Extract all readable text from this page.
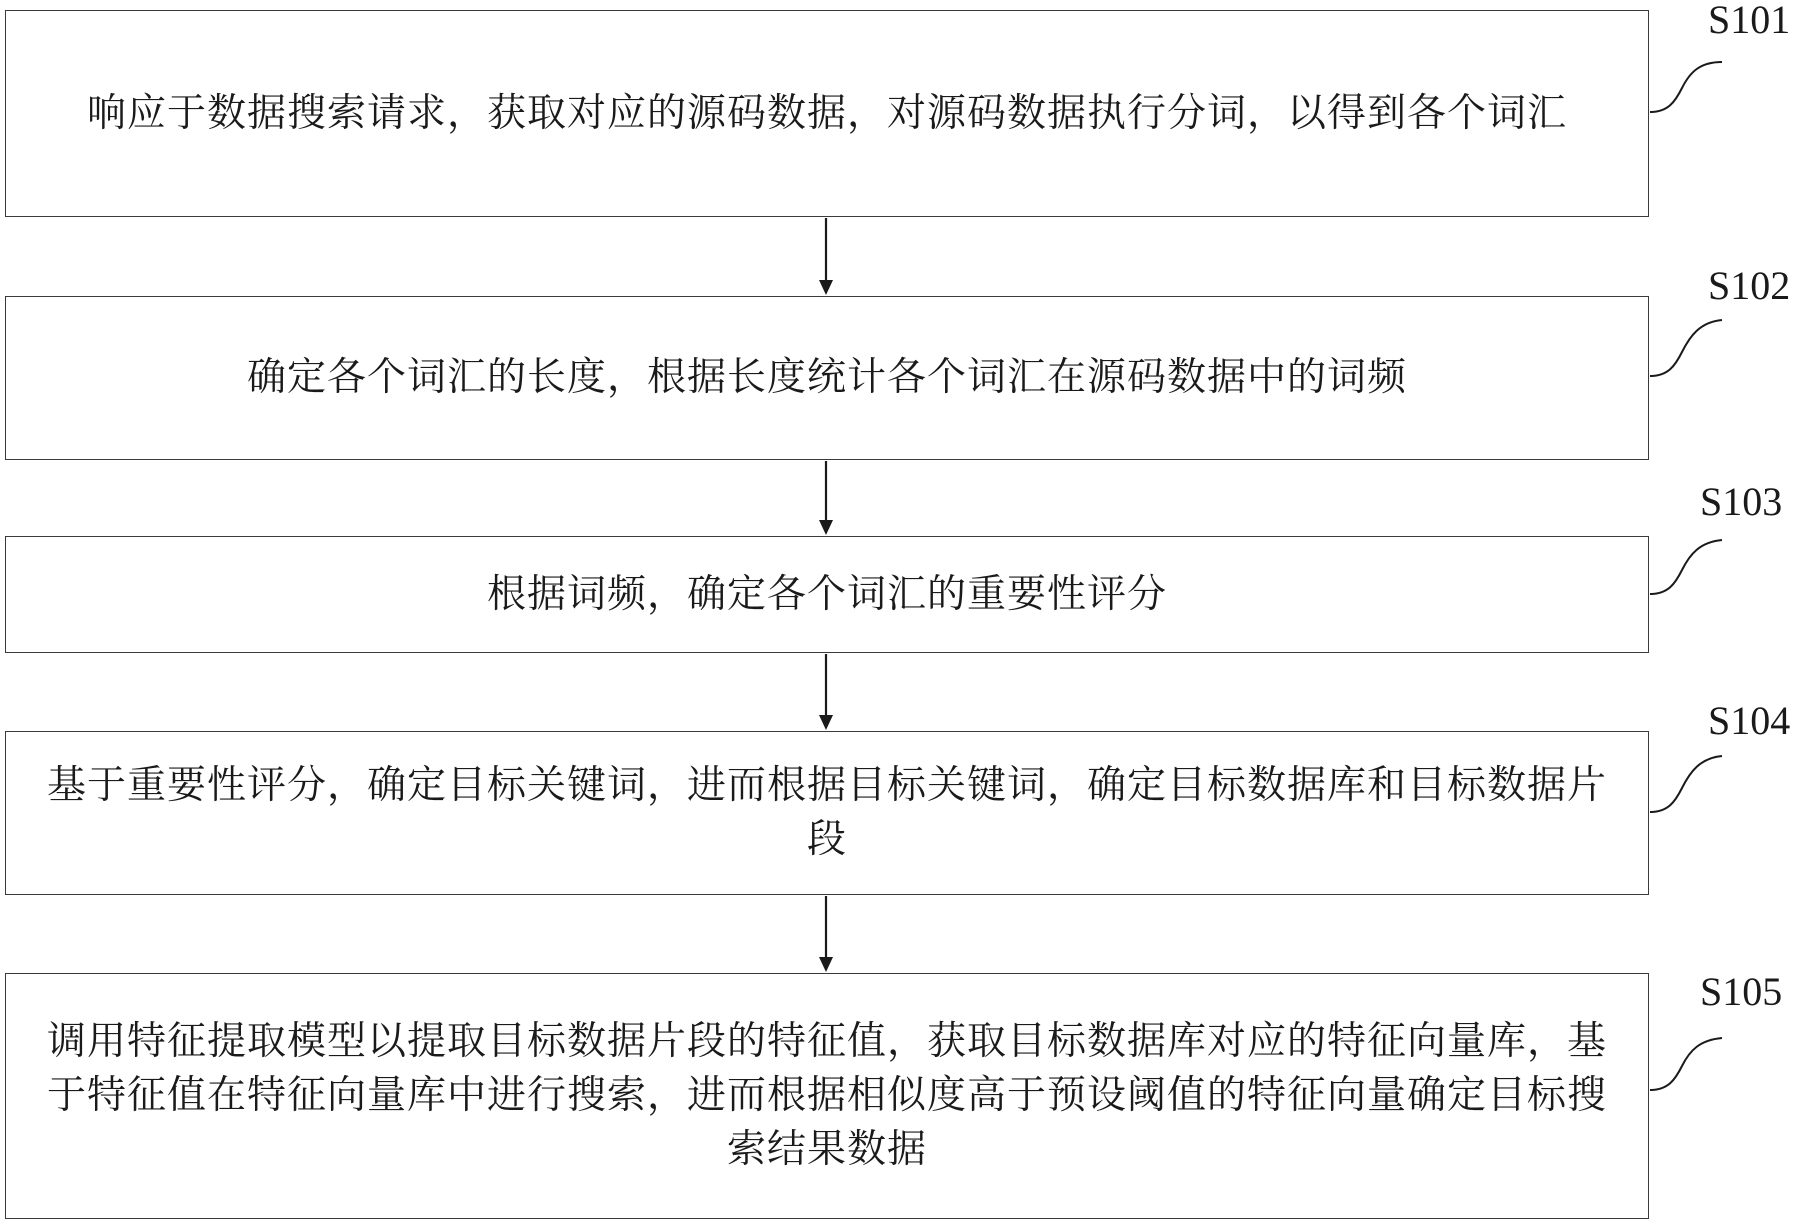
响应于数据搜索请求，获取对应的源码数据，对源码数据执行分词，以得到各个词汇
S101
确定各个词汇的长度，根据长度统计各个词汇在源码数据中的词频
S102
根据词频，确定各个词汇的重要性评分
S103
基于重要性评分，确定目标关键词，进而根据目标关键词，确定目标数据库和目标数据片段
S104
调用特征提取模型以提取目标数据片段的特征值，获取目标数据库对应的特征向量库，基于特征值在特征向量库中进行搜索，进而根据相似度高于预设阈值的特征向量确定目标搜索结果数据
S105
